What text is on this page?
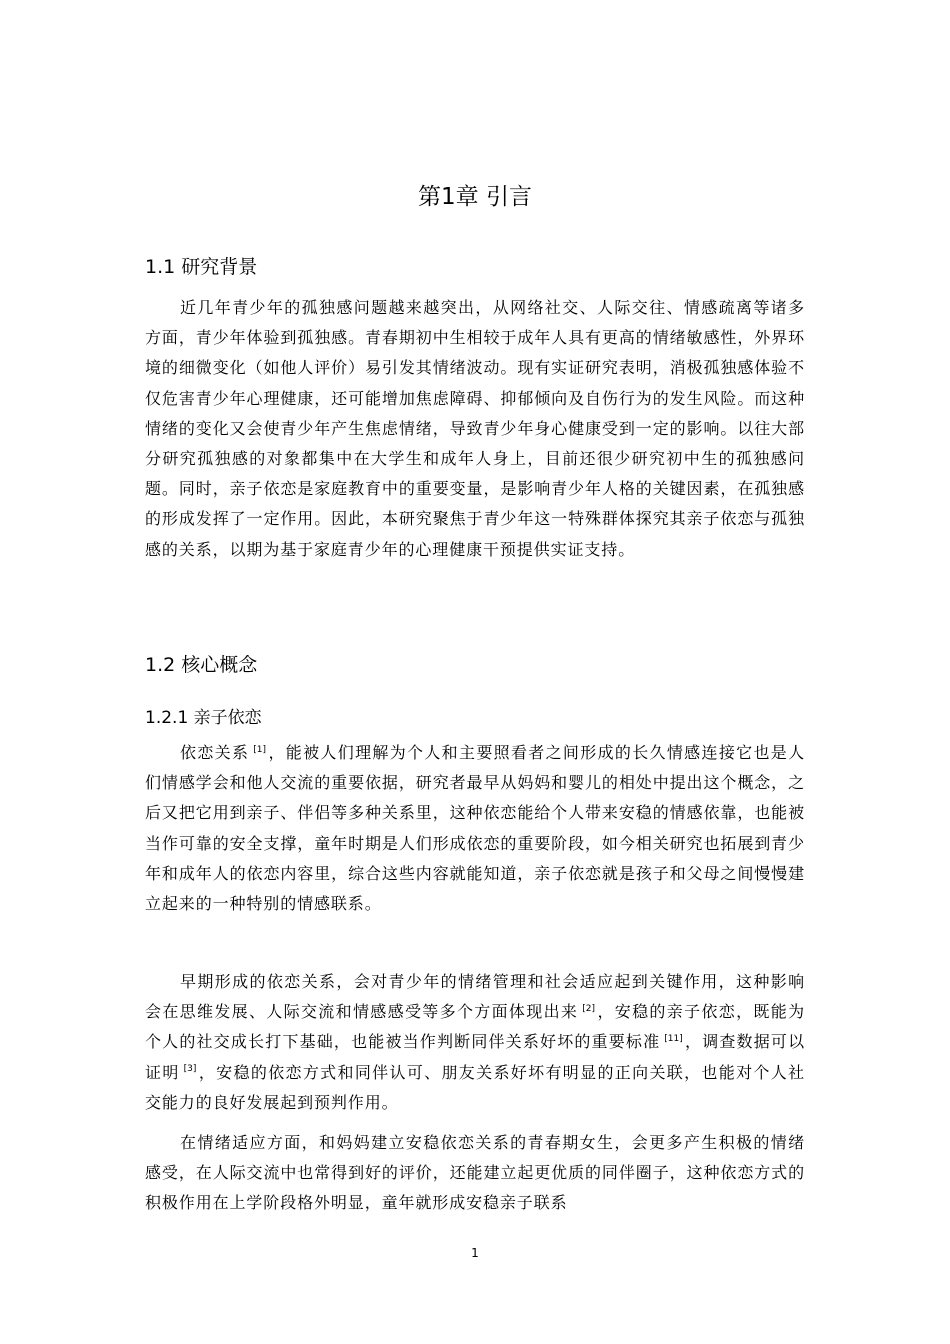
第1章 引言
1.1 研究背景

近几年青少年的孤独感问题越来越突出，从网络社交、人际交往、情感疏离等诸多方面，青少年体验到孤独感。青春期初中生相较于成年人具有更高的情绪敏感性，外界环境的细微变化（如他人评价）易引发其情绪波动。现有实证研究表明，消极孤独感体验不仅危害青少年心理健康，还可能增加焦虑障碍、抑郁倾向及自伤行为的发生风险。而这种情绪的变化又会使青少年产生焦虑情绪，导致青少年身心健康受到一定的影响。以往大部分研究孤独感的对象都集中在大学生和成年人身上，目前还很少研究初中生的孤独感问题。同时，亲子依恋是家庭教育中的重要变量，是影响青少年人格的关键因素，在孤独感的形成发挥了一定作用。因此，本研究聚焦于青少年这一特殊群体探究其亲子依恋与孤独感的关系，以期为基于家庭青少年的心理健康干预提供实证支持。

1.2 核心概念
1.2.1 亲子依恋

依恋关系 [1] ，能被人们理解为个人和主要照看者之间形成的长久情感连接它也是人们情感学会和他人交流的重要依据，研究者最早从妈妈和婴儿的相处中提出这个概念，之后又把它用到亲子、伴侣等多种关系里，这种依恋能给个人带来安稳的情感依靠，也能被当作可靠的安全支撑，童年时期是人们形成依恋的重要阶段，如今相关研究也拓展到青少年和成年人的依恋内容里，综合这些内容就能知道，亲子依恋就是孩子和父母之间慢慢建立起来的一种特别的情感联系。

早期形成的依恋关系，会对青少年的情绪管理和社会适应起到关键作用，这种影响会在思维发展、人际交流和情感感受等多个方面体现出来 [2] ，安稳的亲子依恋，既能为个人的社交成长打下基础，也能被当作判断同伴关系好坏的重要标准 [11] ，调查数据可以证明 [3] ，安稳的依恋方式和同伴认可、朋友关系好坏有明显的正向关联，也能对个人社交能力的良好发展起到预判作用。

在情绪适应方面，和妈妈建立安稳依恋关系的青春期女生，会更多产生积极的情绪感受，在人际交流中也常得到好的评价，还能建立起更优质的同伴圈子，这种依恋方式的积极作用在上学阶段格外明显，童年就形成安稳亲子联系

1
